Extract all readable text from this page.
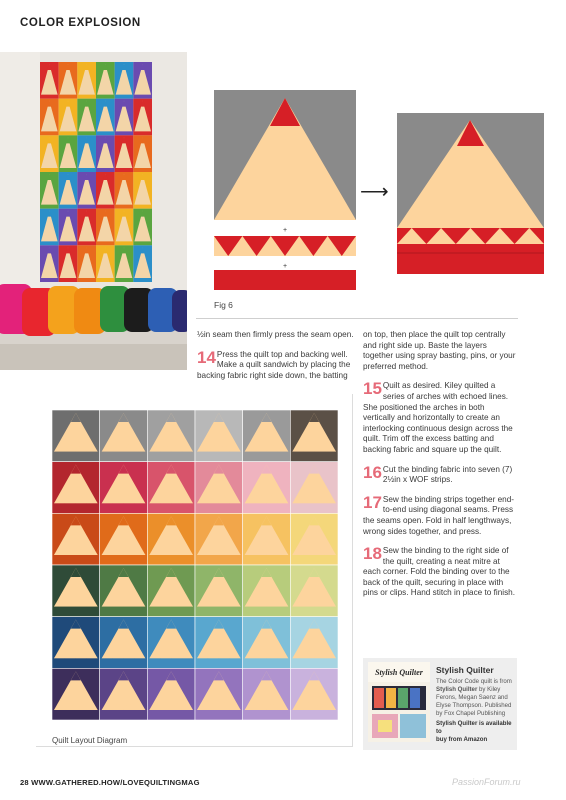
COLOR EXPLOSION
+
+
⟶
Fig 6
½in seam then firmly press the seam open.
14 Press the quilt top and backing well. Make a quilt sandwich by placing the backing fabric right side down, the batting
on top, then place the quilt top centrally and right side up. Baste the layers together using spray basting, pins, or your preferred method.
15 Quilt as desired. Kiley quilted a series of arches with echoed lines. She positioned the arches in both vertically and horizontally to create an interlocking continuous design across the quilt. Trim off the excess batting and backing fabric and square up the quilt.
16 Cut the binding fabric into seven (7) 2½in x WOF strips.
17 Sew the binding strips together end-to-end using diagonal seams. Press the seams open. Fold in half lengthways, wrong sides together, and press.
18 Sew the binding to the right side of the quilt, creating a neat mitre at each corner. Fold the binding over to the back of the quilt, securing in place with pins or clips. Hand stitch in place to finish.
Quilt Layout Diagram
Stylish Quilter Stylish Quilter
The Color Code quilt is from Stylish Quilter by Kiley Ferons, Megan Saenz and Elyse Thompson. Published by Fox Chapel Publishing
Stylish Quilter is available to
buy from Amazon
28 WWW.GATHERED.HOW/LOVEQUILTINGMAG	PassionForum.ru
